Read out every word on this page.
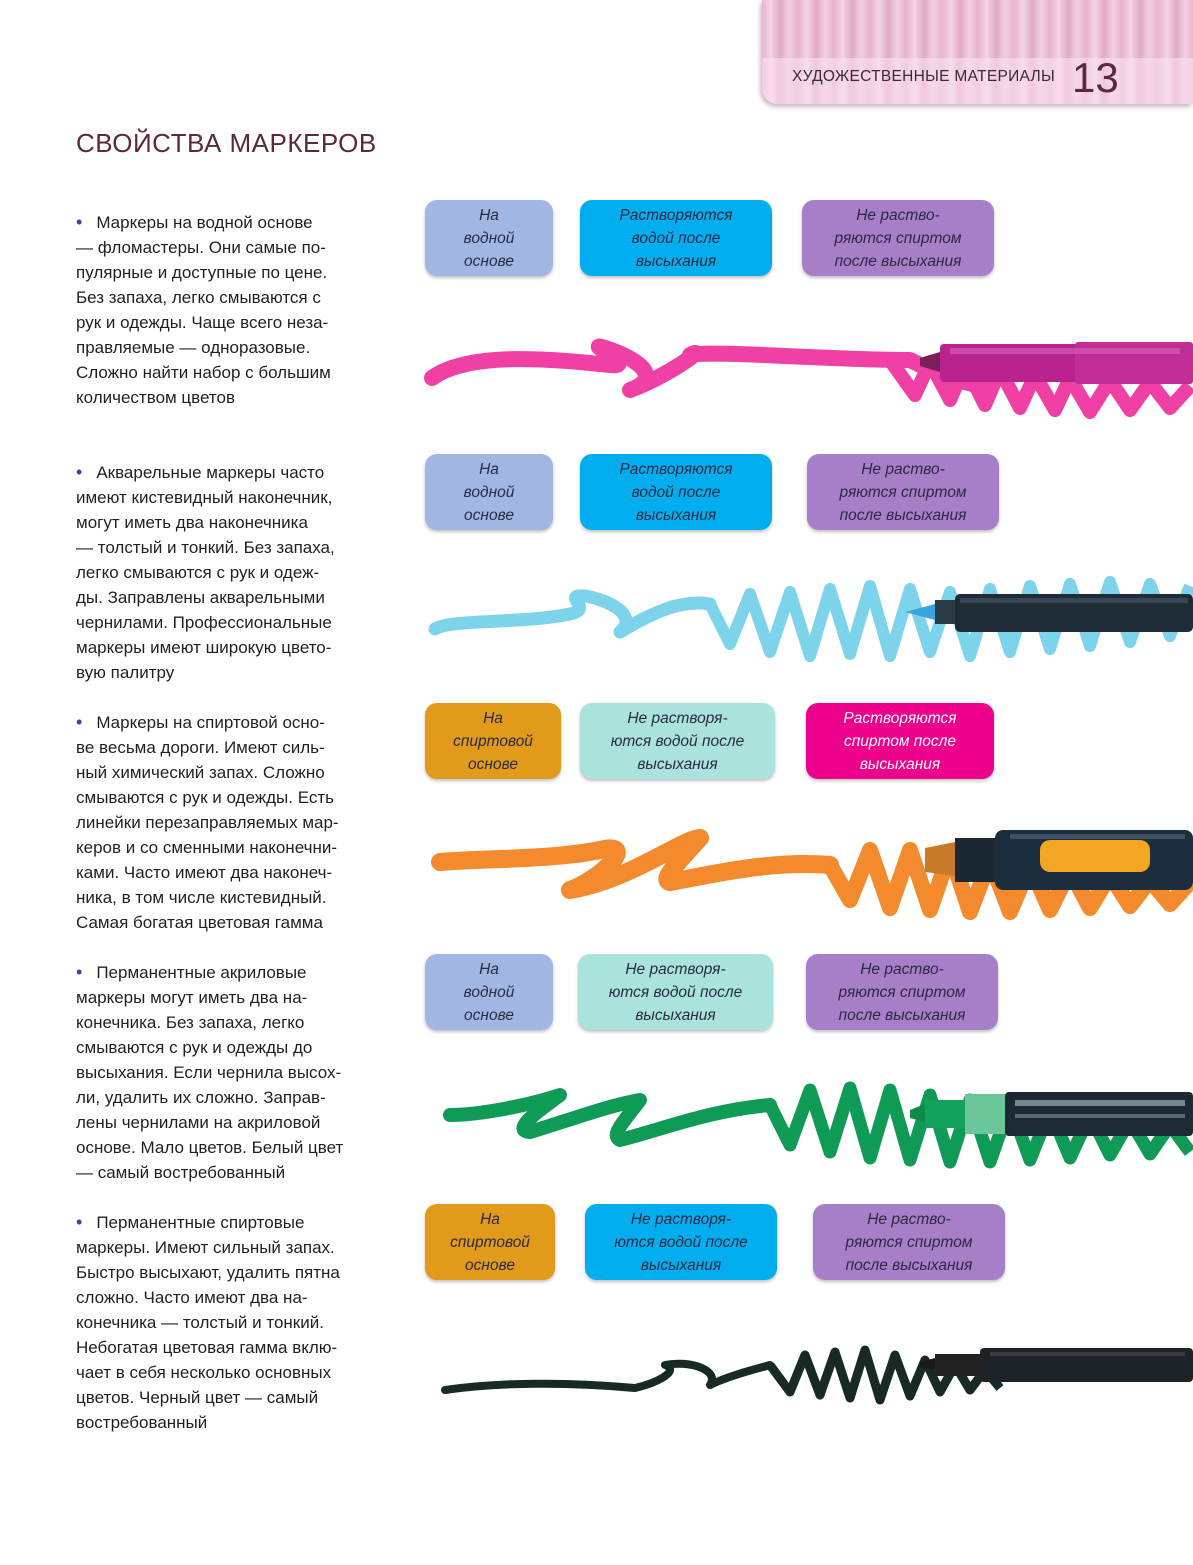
ХУДОЖЕСТВЕННЫЕ МАТЕРИАЛЫ 13
СВОЙСТВА МАРКЕРОВ
• Маркеры на водной основе
— фломастеры. Они самые по-
пулярные и доступные по цене.
Без запаха, легко смываются с
рук и одежды. Чаще всего неза-
правляемые — одноразовые.
Сложно найти набор с большим
количеством цветов
• Акварельные маркеры часто
имеют кистевидный наконечник,
могут иметь два наконечника
— толстый и тонкий. Без запаха,
легко смываются с рук и одеж-
ды. Заправлены акварельными
чернилами. Профессиональные
маркеры имеют широкую цвето-
вую палитру
• Маркеры на спиртовой осно-
ве весьма дороги. Имеют силь-
ный химический запах. Сложно
смываются с рук и одежды. Есть
линейки перезаправляемых мар-
керов и со сменными наконечни-
ками. Часто имеют два наконеч-
ника, в том числе кистевидный.
Самая богатая цветовая гамма
• Перманентные акриловые
маркеры могут иметь два на-
конечника. Без запаха, легко
смываются с рук и одежды до
высыхания. Если чернила высох-
ли, удалить их сложно. Заправ-
лены чернилами на акриловой
основе. Мало цветов. Белый цвет
— самый востребованный
• Перманентные спиртовые
маркеры. Имеют сильный запах.
Быстро высыхают, удалить пятна
сложно. Часто имеют два на-
конечника — толстый и тонкий.
Небогатая цветовая гамма вклю-
чает в себя несколько основных
цветов. Черный цвет — самый
востребованный
На
водной
основе
Растворяются
водой после
высыхания
Не раство-
ряются спиртом
после высыхания
На
водной
основе
Растворяются
водой после
высыхания
Не раство-
ряются спиртом
после высыхания
На
спиртовой
основе
Не растворя-
ются водой после
высыхания
Растворяются
спиртом после
высыхания
На
водной
основе
Не растворя-
ются водой после
высыхания
Не раство-
ряются спиртом
после высыхания
На
спиртовой
основе
Не растворя-
ются водой после
высыхания
Не раство-
ряются спиртом
после высыхания
